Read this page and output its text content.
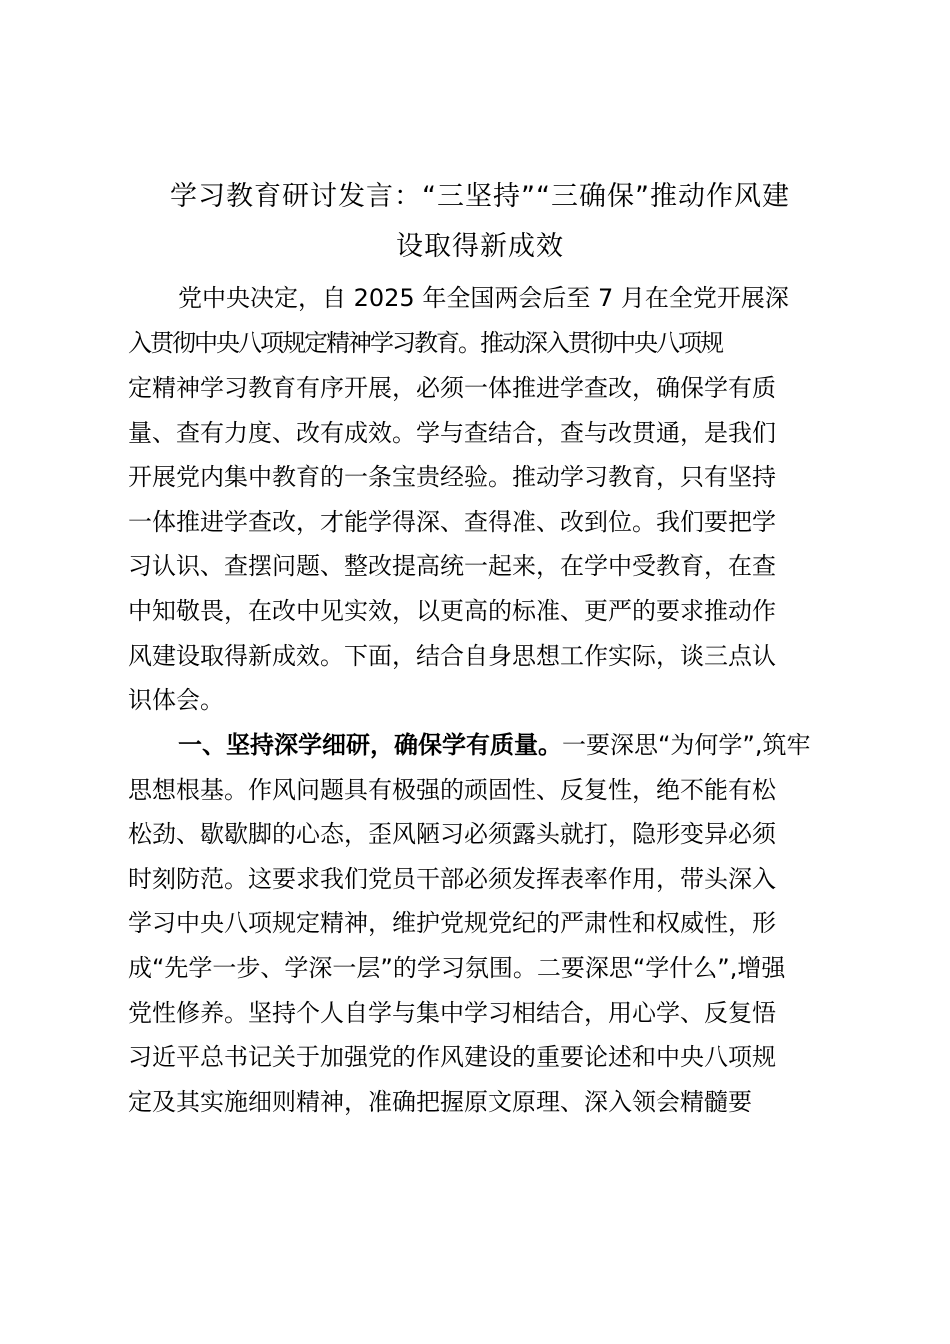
学习教育研讨发言：“三坚持”“三确保”推动作风建
设取得新成效
党中央决定，自 2025 年全国两会后至 7 月在全党开展深
入贯彻中央八项规定精神学习教育。推动深入贯彻中央八项规
定精神学习教育有序开展，必须一体推进学查改，确保学有质
量、查有力度、改有成效。学与查结合，查与改贯通，是我们
开展党内集中教育的一条宝贵经验。推动学习教育，只有坚持
一体推进学查改，才能学得深、查得准、改到位。我们要把学
习认识、查摆问题、整改提高统一起来，在学中受教育，在查
中知敬畏，在改中见实效，以更高的标准、更严的要求推动作
风建设取得新成效。下面，结合自身思想工作实际，谈三点认
识体会。
一、坚持深学细研，确保学有质量。一要深思“为何学”,筑牢
思想根基。作风问题具有极强的顽固性、反复性，绝不能有松
松劲、歇歇脚的心态，歪风陋习必须露头就打，隐形变异必须
时刻防范。这要求我们党员干部必须发挥表率作用，带头深入
学习中央八项规定精神，维护党规党纪的严肃性和权威性，形
成“先学一步、学深一层”的学习氛围。二要深思“学什么”,增强
党性修养。坚持个人自学与集中学习相结合，用心学、反复悟
习近平总书记关于加强党的作风建设的重要论述和中央八项规
定及其实施细则精神，准确把握原文原理、深入领会精髓要
